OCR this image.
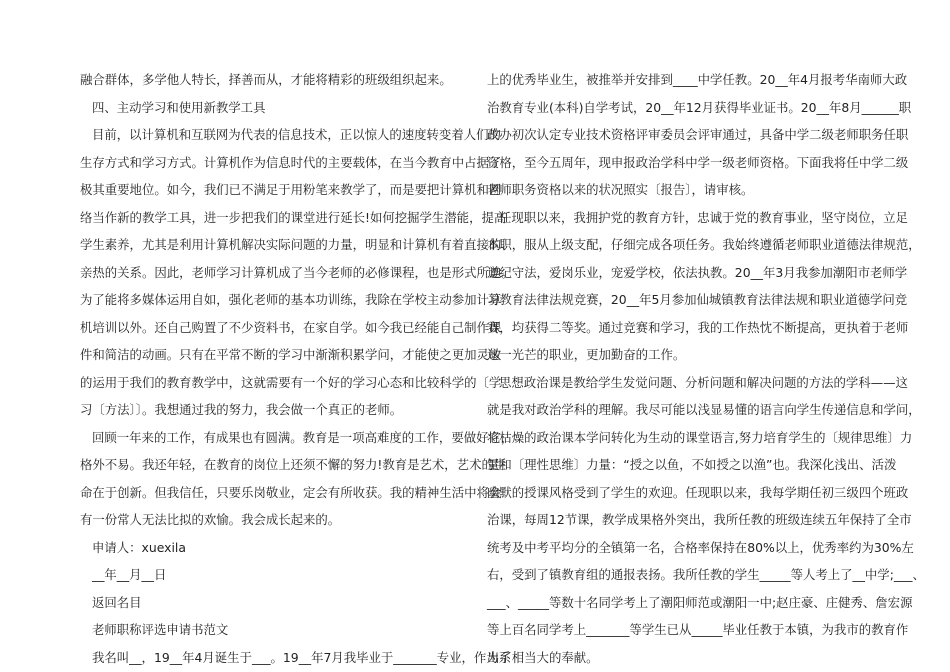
融合群体，多学他人特长，择善而从，才能将精彩的班级组织起来。
四、主动学习和使用新教学工具
目前，以计算机和互联网为代表的信息技术，正以惊人的速度转变着人们的
生存方式和学习方式。计算机作为信息时代的主要载体，在当今教育中占据了
极其重要地位。如今，我们已不满足于用粉笔来教学了，而是要把计算机和网
络当作新的教学工具，进一步把我们的课堂进行延长!如何挖掘学生潜能，提高
学生素养，尤其是利用计算机解决实际问题的力量，明显和计算机有着直接的、
亲热的关系。因此，老师学习计算机成了当今老师的必修课程，也是形式所迫。
为了能将多媒体运用自如，强化老师的基本功训练，我除在学校主动参加计算
机培训以外。还自己购置了不少资料书，在家自学。如今我已经能自己制作课
件和简洁的动画。只有在平常不断的学习中渐渐积累学问，才能使之更加灵敏
的运用于我们的教育教学中，这就需要有一个好的学习心态和比较科学的〔学
习〔方法〕〕。我想通过我的努力，我会做一个真正的老师。
回顾一年来的工作，有成果也有圆满。教育是一项高难度的工作，要做好它，
格外不易。我还年轻，在教育的岗位上还须不懈的努力!教育是艺术，艺术的生
命在于创新。但我信任，只要乐岗敬业，定会有所收获。我的精神生活中将会
有一份常人无法比拟的欢愉。我会成长起来的。
申请人：xuexila
__年__月__日
返回名目
老师职称评选申请书范文
我名叫__，19__年4月诞生于___。19__年7月我毕业于_______专业，作为系
上的优秀毕业生，被推举并安排到____中学任教。20__年4月报考华南师大政
治教育专业(本科)自学考试，20__年12月获得毕业证书。20__年8月______职
改办初次认定专业技术资格评审委员会评审通过，具备中学二级老师职务任职
资格，至今五周年，现申报政治学科中学一级老师资格。下面我将任中学二级
老师职务资格以来的状况照实〔报告〕，请审核。
任现职以来，我拥护党的教育方针，忠诚于党的教育事业，坚守岗位，立足
本职，服从上级支配，仔细完成各项任务。我始终遵循老师职业道德法律规范，
遵纪守法，爱岗乐业，宠爱学校，依法执教。20__年3月我参加潮阳市老师学
习教育法律法规竞赛，20__年5月参加仙城镇教育法律法规和职业道德学问竞
赛，均获得二等奖。通过竞赛和学习，我的工作热忱不断提高，更执着于老师
这一光芒的职业，更加勤奋的工作。
思想政治课是教给学生发觉问题、分析问题和解决问题的方法的学科——这
就是我对政治学科的理解。我尽可能以浅显易懂的语言向学生传递信息和学问，
将枯燥的政治课本学问转化为生动的课堂语言,努力培育学生的〔规律思维〕力
量和〔理性思维〕力量：“授之以鱼，不如授之以渔”也。我深化浅出、活泼
幽默的授课风格受到了学生的欢迎。任现职以来，我每学期任初三级四个班政
治课，每周12节课，教学成果格外突出，我所任教的班级连续五年保持了全市
统考及中考平均分的全镇第一名，合格率保持在80%以上，优秀率约为30%左
右，受到了镇教育组的通报表扬。我所任教的学生_____等人考上了__中学;___、
___、_____等数十名同学考上了潮阳师范或潮阳一中;赵庄豪、庄健秀、詹宏源
等上百名同学考上_______等学生已从_____毕业任教于本镇，为我市的教育作
出了相当大的奉献。
